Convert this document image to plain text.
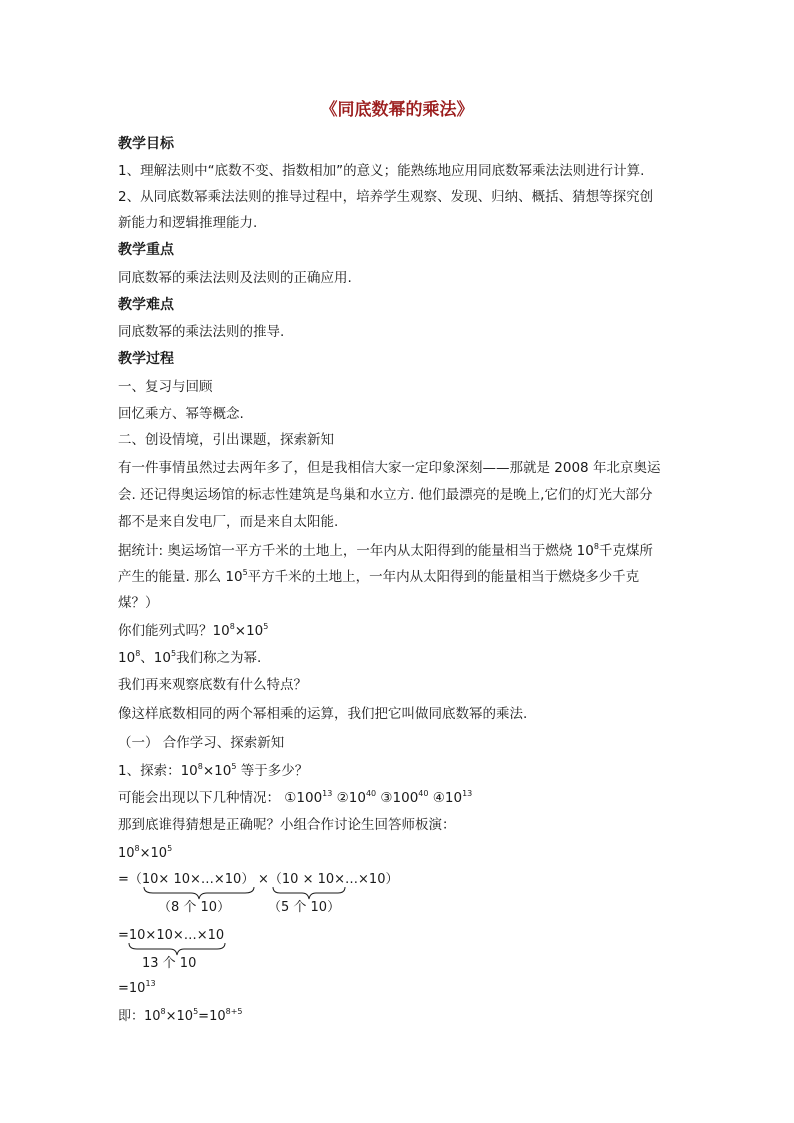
《同底数幂的乘法》
教学目标
1、理解法则中“底数不变、指数相加”的意义；能熟练地应用同底数幂乘法法则进行计算.
2、从同底数幂乘法法则的推导过程中，培养学生观察、发现、归纳、概括、猜想等探究创
新能力和逻辑推理能力.
教学重点
同底数幂的乘法法则及法则的正确应用.
教学难点
同底数幂的乘法法则的推导.
教学过程
一、复习与回顾
回忆乘方、幂等概念.
二、创设情境，引出课题，探索新知
有一件事情虽然过去两年多了，但是我相信大家一定印象深刻——那就是 2008 年北京奥运
会. 还记得奥运场馆的标志性建筑是鸟巢和水立方. 他们最漂亮的是晚上,它们的灯光大部分
都不是来自发电厂，而是来自太阳能.
据统计: 奥运场馆一平方千米的土地上，一年内从太阳得到的能量相当于燃烧 $10^8$千克煤所
产生的能量. 那么 $10^5$平方千米的土地上，一年内从太阳得到的能量相当于燃烧多少千克
煤？）
你们能列式吗？$10^8\times 10^5$
$10^8$、$10^5$我们称之为幂.
我们再来观察底数有什么特点？
像这样底数相同的两个幂相乘的运算，我们把它叫做同底数幂的乘法.
（一） 合作学习、探索新知
1、探索：$10^8\times 10^5$ 等于多少？
可能会出现以下几种情况： $①100^{13}$ $②10^{40}$ $③100^{40}$ $④10^{13}$
那到底谁得猜想是正确呢？小组合作讨论生回答师板演：
$10^8\times 10^5$
=（10× 10×…×10） ×（10 × 10×…×10）
（8 个 10）	（5 个 10）
=10×10×…×10
13 个 10
$=10^{13}$
即：$10^8\times 10^5=10^{8+5}$
